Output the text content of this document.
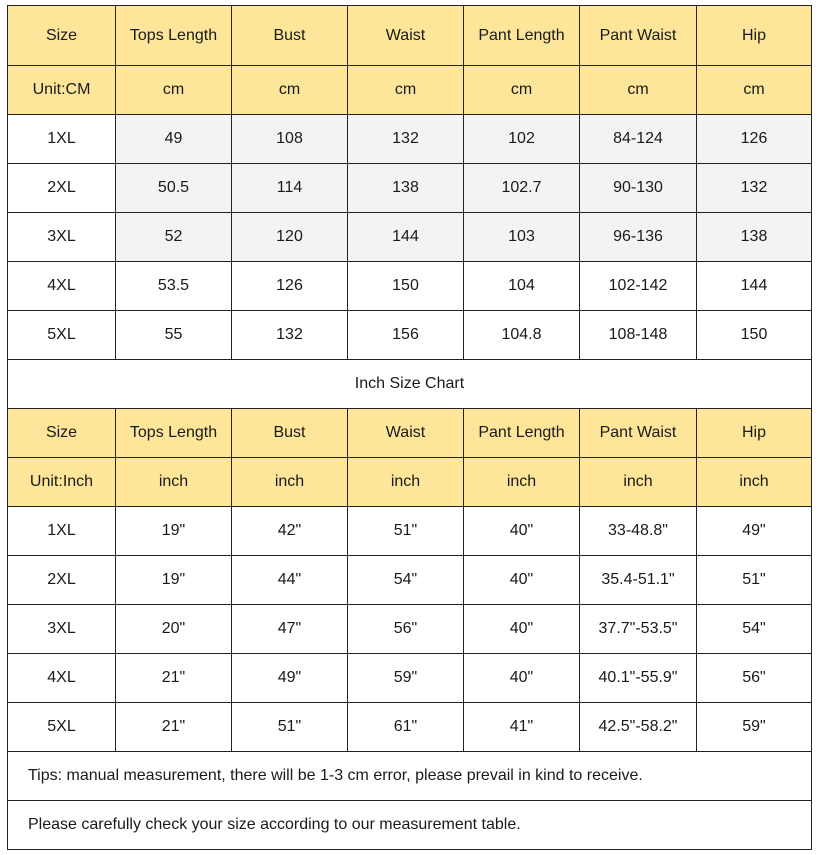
Size	Tops Length	Bust	Waist	Pant Length	Pant Waist	Hip
Unit:CM	cm	cm	cm	cm	cm	cm
1XL	49	108	132	102	84-124	126
2XL	50.5	114	138	102.7	90-130	132
3XL	52	120	144	103	96-136	138
4XL	53.5	126	150	104	102-142	144
5XL	55	132	156	104.8	108-148	150
Inch Size Chart						
Size	Tops Length	Bust	Waist	Pant Length	Pant Waist	Hip
Unit:Inch	inch	inch	inch	inch	inch	inch
1XL	19"	42"	51"	40"	33-48.8"	49"
2XL	19"	44"	54"	40"	35.4-51.1"	51"
3XL	20"	47"	56"	40"	37.7"-53.5"	54"
4XL	21"	49"	59"	40"	40.1"-55.9"	56"
5XL	21"	51"	61"	41"	42.5"-58.2"	59"
Tips: manual measurement, there will be 1-3 cm error, please prevail in kind to receive.						
Please carefully check your size according to our measurement table.						
